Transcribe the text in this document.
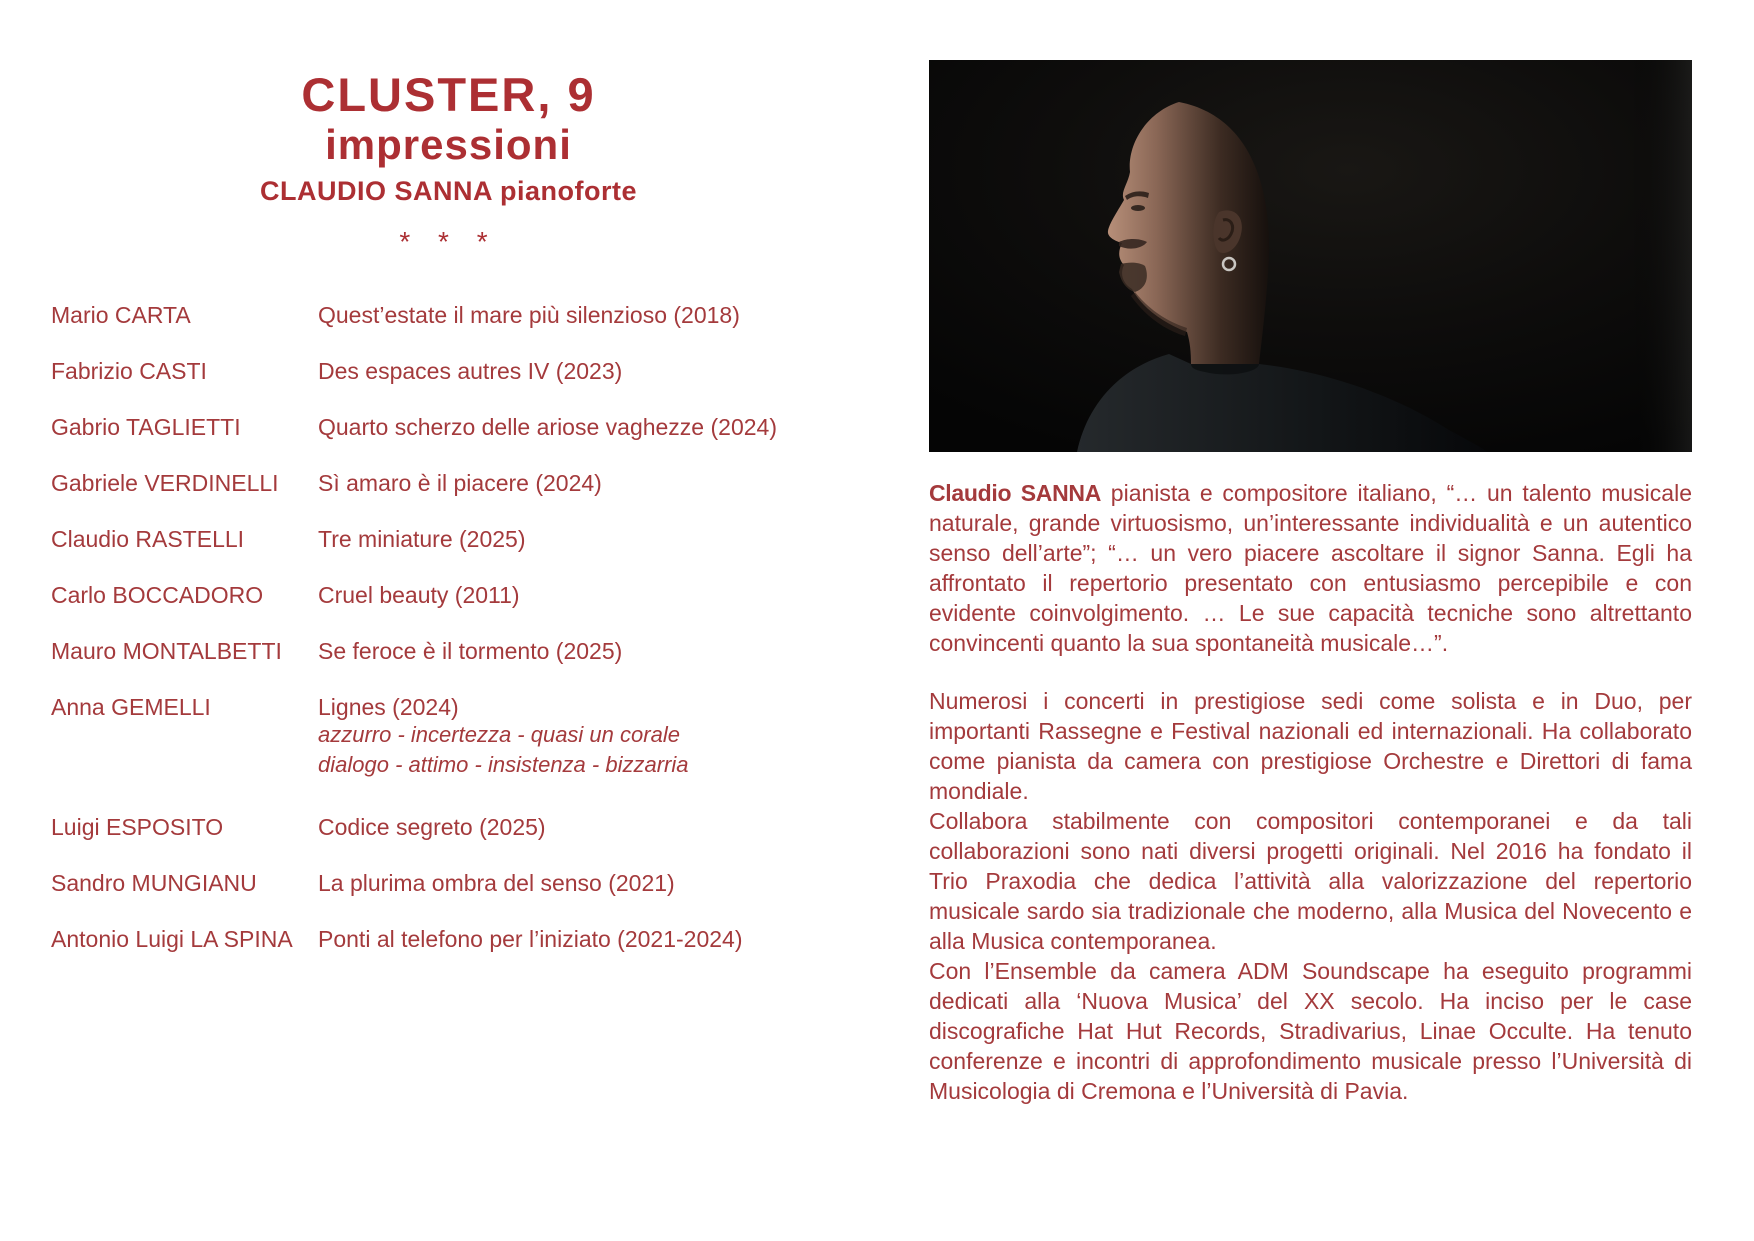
CLUSTER, 9
impressioni
CLAUDIO SANNA pianoforte
* * *
Mario CARTA	Quest’estate il mare più silenzioso (2018)
Fabrizio CASTI	Des espaces autres IV (2023)
Gabrio TAGLIETTI	Quarto scherzo delle ariose vaghezze (2024)
Gabriele VERDINELLI	Sì amaro è il piacere (2024)
Claudio RASTELLI	Tre miniature (2025)
Carlo BOCCADORO	Cruel beauty (2011)
Mauro MONTALBETTI	Se feroce è il tormento (2025)
Anna GEMELLI	Lignes (2024)
azzurro - incertezza - quasi un corale
dialogo - attimo - insistenza - bizzarria
Luigi ESPOSITO	Codice segreto (2025)
Sandro MUNGIANU	La plurima ombra del senso (2021)
Antonio Luigi LA SPINA	Ponti al telefono per l’iniziato (2021-2024)

Claudio SANNA pianista e compositore italiano, “… un talento musicale naturale, grande virtuosismo, un’interessante individualità e un autentico senso dell’arte”; “… un vero piacere ascoltare il signor Sanna. Egli ha affrontato il repertorio presentato con entusiasmo percepibile e con evidente coinvolgimento. … Le sue capacità tecniche sono altrettanto convincenti quanto la sua spontaneità musicale…”.

Numerosi i concerti in prestigiose sedi come solista e in Duo, per importanti Rassegne e Festival nazionali ed internazionali. Ha collaborato come pianista da camera con prestigiose Orchestre e Direttori di fama mondiale.

Collabora stabilmente con compositori contemporanei e da tali collaborazioni sono nati diversi progetti originali. Nel 2016 ha fondato il Trio Praxodia che dedica l’attività alla valorizzazione del repertorio musicale sardo sia tradizionale che moderno, alla Musica del Novecento e alla Musica contemporanea.

Con l’Ensemble da camera ADM Soundscape ha eseguito programmi dedicati alla ‘Nuova Musica’ del XX secolo. Ha inciso per le case discografiche Hat Hut Records, Stradivarius, Linae Occulte. Ha tenuto conferenze e incontri di approfondimento musicale presso l’Università di Musicologia di Cremona e l’Università di Pavia.
